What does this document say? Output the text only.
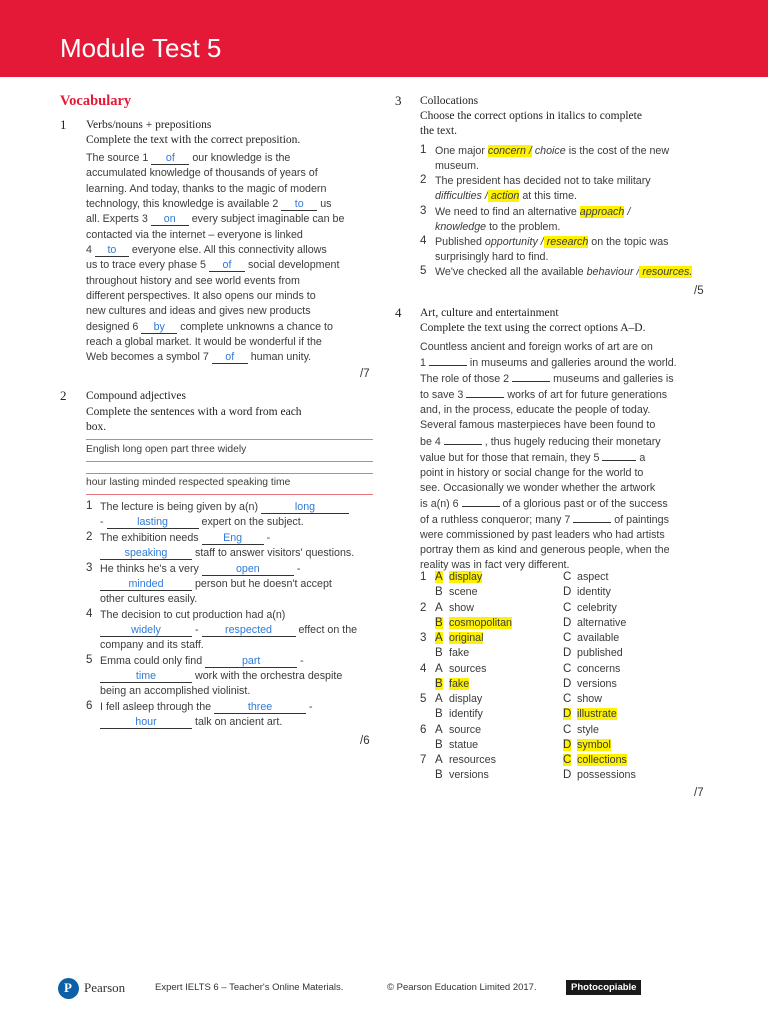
Module Test 5
Vocabulary
1 Verbs/nouns + prepositions
Complete the text with the correct preposition.
The source 1 of our knowledge is the
accumulated knowledge of thousands of years of
learning. And today, thanks to the magic of modern
technology, this knowledge is available 2 to us
all. Experts 3 on every subject imaginable can be
contacted via the internet – everyone is linked
4 to everyone else. All this connectivity allows
us to trace every phase 5 of social development
throughout history and see world events from
different perspectives. It also opens our minds to
new cultures and ideas and gives new products
designed 6 by complete unknowns a chance to
reach a global market. It would be wonderful if the
Web becomes a symbol 7 of human unity.
/7
2 Compound adjectives
Complete the sentences with a word from each
box.
English long open part three widely
hour lasting minded respected speaking time
1 The lecture is being given by a(n)	long
-	lasting	expert on the subject.
2 The exhibition needs Eng -
speaking staff to answer visitors' questions.
3 He thinks he's a very	open	-
minded	person but he doesn't accept
other cultures easily.
4 The decision to cut production had a(n)
widely	- respected effect on the
company and its staff.
5 Emma could only find	part	-
time	work with the orchestra despite
being an accomplished violinist.
6 I fell asleep through the	three	-
hour	talk on ancient art.
/6
3 Collocations
Choose the correct options in italics to complete
the text.
1 One major concern / choice is the cost of the new
museum.
2 The president has decided not to take military
difficulties / action at this time.
3 We need to find an alternative approach /
knowledge to the problem.
4 Published opportunity / research on the topic was
surprisingly hard to find.
5 We've checked all the available behaviour / resources.
/5
4 Art, culture and entertainment
Complete the text using the correct options A–D.
Countless ancient and foreign works of art are on
1	in museums and galleries around the world.
The role of those 2	museums and galleries is
to save 3	works of art for future generations
and, in the process, educate the people of today.
Several famous masterpieces have been found to
be 4	, thus hugely reducing their monetary
value but for those that remain, they 5	a
point in history or social change for the world to
see. Occasionally we wonder whether the artwork
is a(n) 6	of a glorious past or of the success
of a ruthless conqueror; many 7	of paintings
were commissioned by past leaders who had artists
portray them as kind and generous people, when the
reality was in fact very different.
1 A display	C aspect
B scene	D identity
2 A show	C celebrity
B cosmopolitan	D alternative
3 A original	C available
B fake	D published
4 A sources	C concerns
B fake	D versions
5 A display	C show
B identify	D illustrate
6 A source	C style
B statue	D symbol
7 A resources	C collections
B versions	D possessions
/7
P Pearson	Expert IELTS 6 – Teacher's Online Materials.	© Pearson Education Limited 2017.	Photocopiable
